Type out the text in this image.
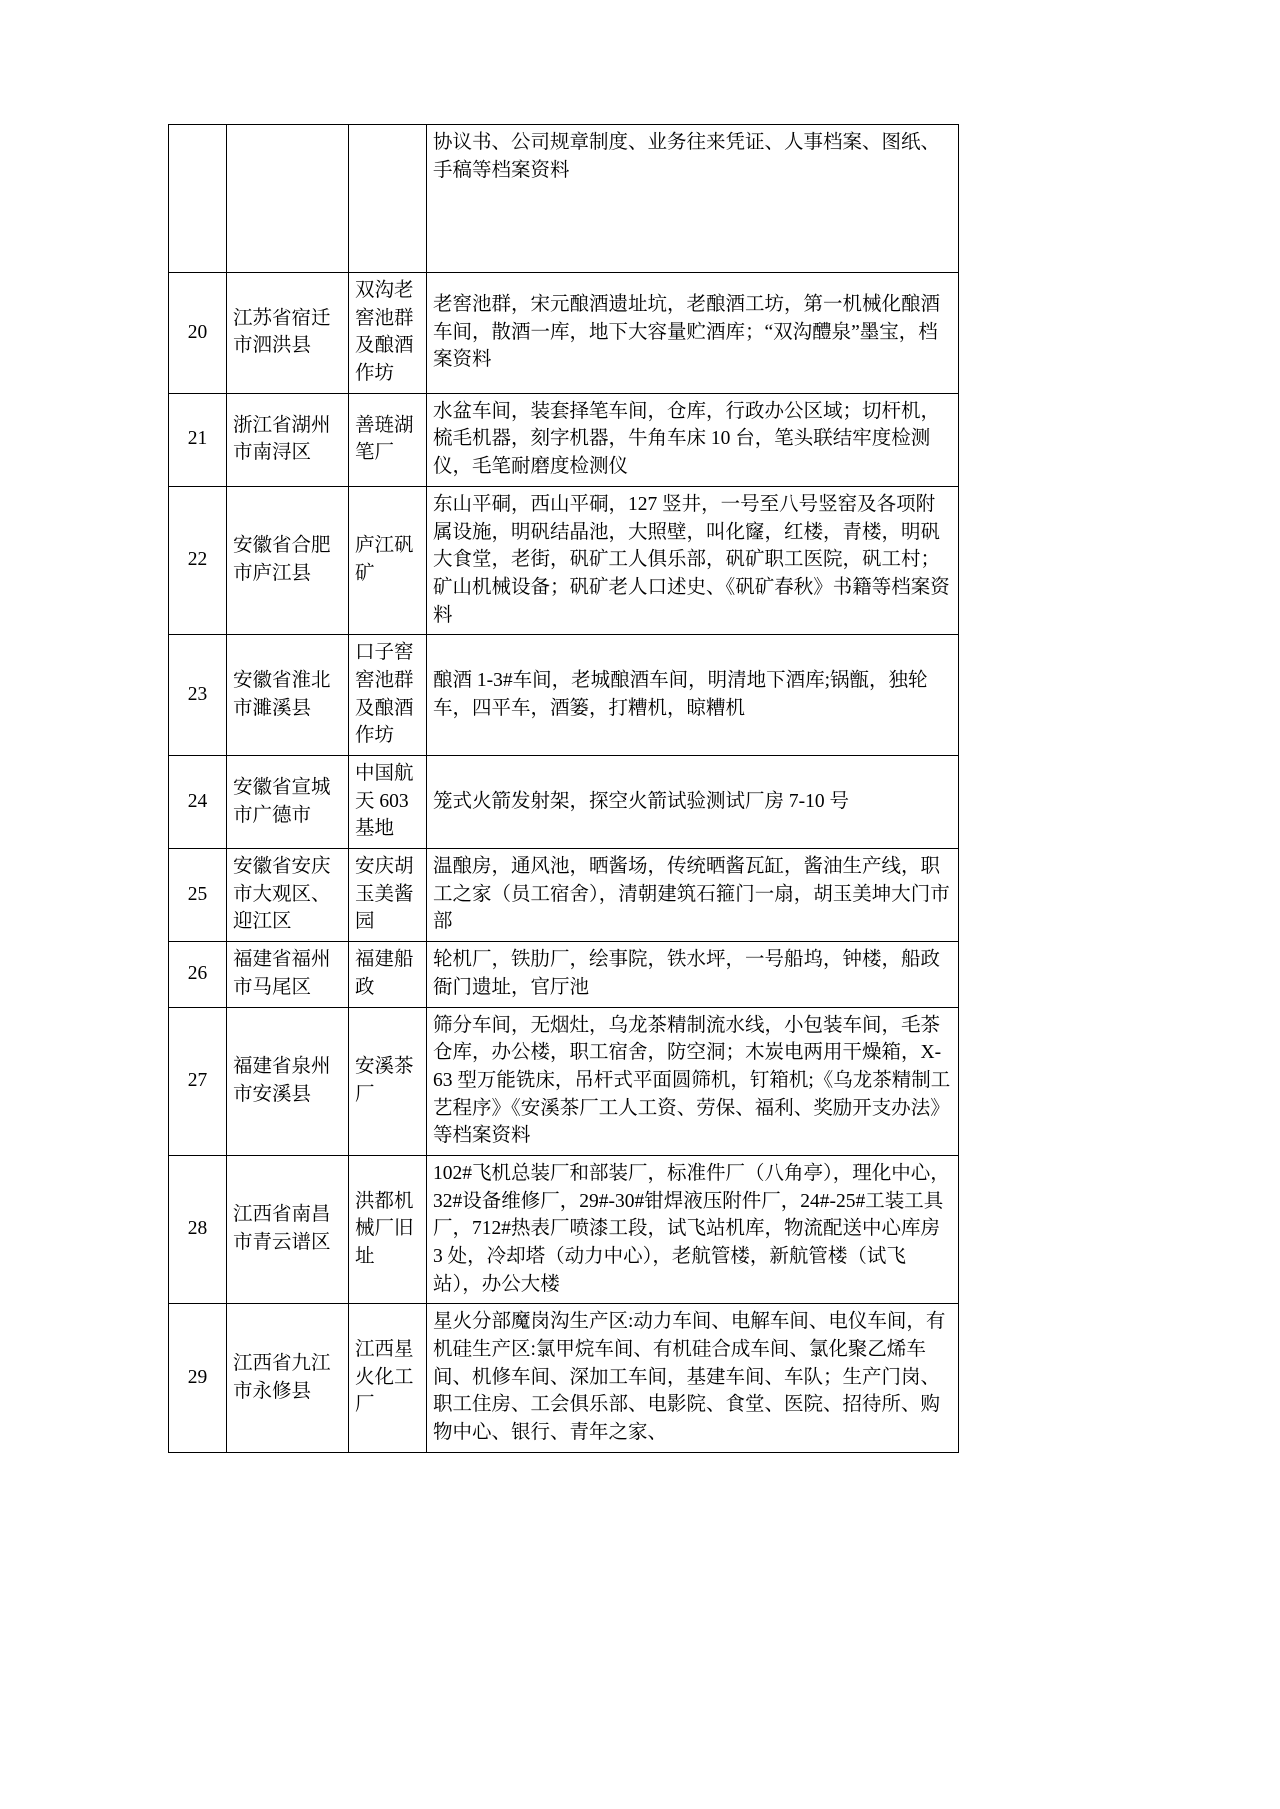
			协议书、公司规章制度、业务往来凭证、人事档案、图纸、手稿等档案资料
20	江苏省宿迁市泗洪县	双沟老窖池群及酿酒作坊	老窖池群，宋元酿酒遗址坑，老酿酒工坊，第一机械化酿酒车间，散酒一库，地下大容量贮酒库；“双沟醴泉”墨宝，档案资料
21	浙江省湖州市南浔区	善琏湖笔厂	水盆车间，装套择笔车间，仓库，行政办公区域；切杆机，梳毛机器，刻字机器，牛角车床 10 台，笔头联结牢度检测仪，毛笔耐磨度检测仪
22	安徽省合肥市庐江县	庐江矾矿	东山平硐，西山平硐，127 竖井，一号至八号竖窑及各项附属设施，明矾结晶池，大照壁，叫化窿，红楼，青楼，明矾大食堂，老街，矾矿工人俱乐部，矾矿职工医院，矾工村；矿山机械设备；矾矿老人口述史、《矾矿春秋》书籍等档案资料
23	安徽省淮北市濉溪县	口子窖窖池群及酿酒作坊	酿酒 1-3#车间，老城酿酒车间，明清地下酒库;锅甑，独轮车，四平车，酒篓，打糟机，晾糟机
24	安徽省宣城市广德市	中国航天 603 基地	笼式火箭发射架，探空火箭试验测试厂房 7-10 号
25	安徽省安庆市大观区、迎江区	安庆胡玉美酱园	温酿房，通风池，晒酱场，传统晒酱瓦缸，酱油生产线，职工之家（员工宿舍），清朝建筑石箍门一扇，胡玉美坤大门市部
26	福建省福州市马尾区	福建船政	轮机厂，铁肋厂，绘事院，铁水坪，一号船坞，钟楼，船政衙门遗址，官厅池
27	福建省泉州市安溪县	安溪茶厂	筛分车间，无烟灶，乌龙茶精制流水线，小包装车间，毛茶仓库，办公楼，职工宿舍，防空洞；木炭电两用干燥箱，X-63 型万能铣床，吊杆式平面圆筛机，钉箱机;《乌龙茶精制工艺程序》《安溪茶厂工人工资、劳保、福利、奖励开支办法》等档案资料
28	江西省南昌市青云谱区	洪都机械厂旧址	102#飞机总装厂和部装厂，标准件厂（八角亭），理化中心，32#设备维修厂，29#-30#钳焊液压附件厂，24#-25#工装工具厂，712#热表厂喷漆工段，试飞站机库，物流配送中心库房 3 处，冷却塔（动力中心），老航管楼，新航管楼（试飞站），办公大楼
29	江西省九江市永修县	江西星火化工厂	星火分部魔岗沟生产区:动力车间、电解车间、电仪车间，有机硅生产区:氯甲烷车间、有机硅合成车间、氯化聚乙烯车间、机修车间、深加工车间，基建车间、车队；生产门岗、职工住房、工会俱乐部、电影院、食堂、医院、招待所、购物中心、银行、青年之家、
